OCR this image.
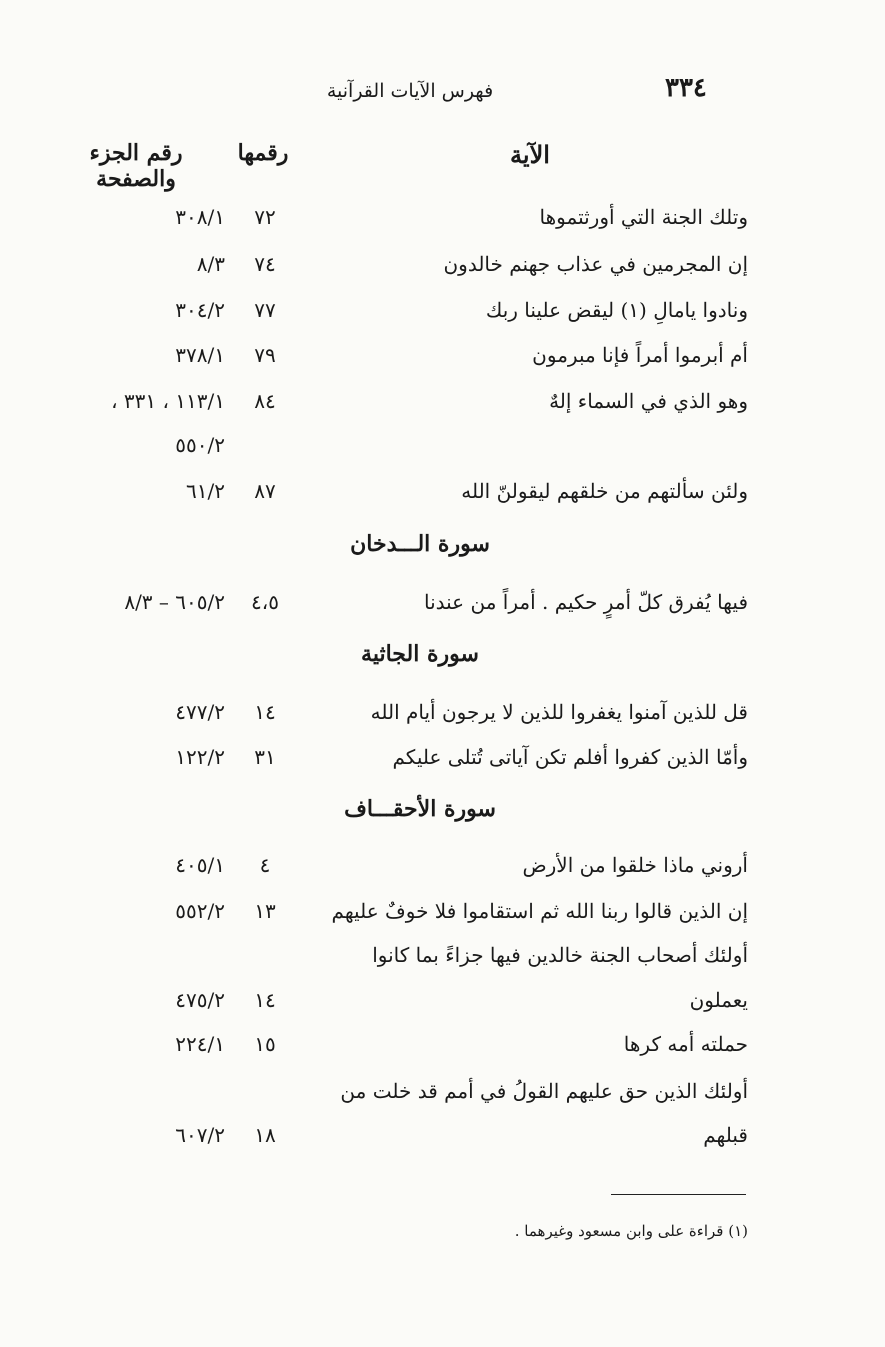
٣٣٤
فهرس الآيات القرآنية
الآية
رقمها
رقم الجزء والصفحة
وتلك الجنة التي أورثتموها
٧٢
٣٠٨/١
إن المجرمين في عذاب جهنم خالدون
٧٤
٨/٣
ونادوا يامالِ (١) ليقض علينا ربك
٧٧
٣٠٤/٢
أم أبرموا أمراً فإنا مبرمون
٧٩
٣٧٨/١
وهو الذي في السماء إلهٌ
٨٤
١١٣/١ ، ٣٣١ ،
٥٥٠/٢
ولئن سألتهم من خلقهم ليقولنّ الله
٨٧
٦١/٢
سورة الـــدخان
فيها يُفرق كلّ أمرٍ حكيم . أمراً من عندنا
٤،٥
٦٠٥/٢ – ٨/٣
سورة الجاثية
قل للذين آمنوا يغفروا للذين لا يرجون أيام الله
١٤
٤٧٧/٢
وأمّا الذين كفروا أفلم تكن آياتى تُتلى عليكم
٣١
١٢٢/٢
سورة الأحقـــاف
أروني ماذا خلقوا من الأرض
٤
٤٠٥/١
إن الذين قالوا ربنا الله ثم استقاموا فلا خوفٌ عليهم
١٣
٥٥٢/٢
أولئك أصحاب الجنة خالدين فيها جزاءً بما كانوا
يعملون
١٤
٤٧٥/٢
حملته أمه كرها
١٥
٢٢٤/١
أولئك الذين حق عليهم القولُ في أمم قد خلت من
قبلهم
١٨
٦٠٧/٢
(١) قراءة على وابن مسعود وغيرهما .
